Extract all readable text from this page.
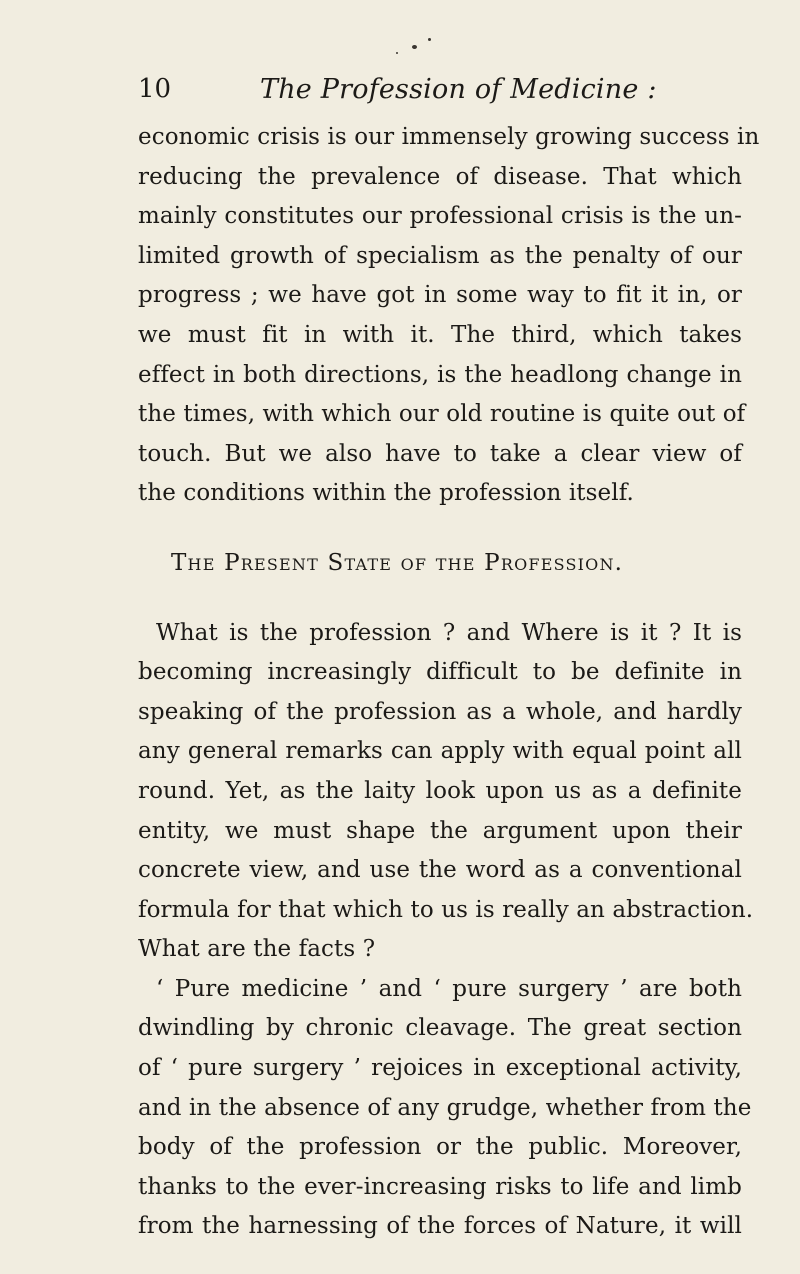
10	The Profession of Medicine :
economic crisis is our immensely growing success in
reducing the prevalence of disease. That which
mainly constitutes our professional crisis is the un-
limited growth of specialism as the penalty of our
progress ; we have got in some way to fit it in, or
we must fit in with it. The third, which takes
effect in both directions, is the headlong change in
the times, with which our old routine is quite out of
touch. But we also have to take a clear view of
the conditions within the profession itself.
The Present State of the Profession.
What is the profession ? and Where is it ? It is
becoming increasingly difficult to be definite in
speaking of the profession as a whole, and hardly
any general remarks can apply with equal point all
round. Yet, as the laity look upon us as a definite
entity, we must shape the argument upon their
concrete view, and use the word as a conventional
formula for that which to us is really an abstraction.
What are the facts ?
‘ Pure medicine ’ and ‘ pure surgery ’ are both
dwindling by chronic cleavage. The great section
of ‘ pure surgery ’ rejoices in exceptional activity,
and in the absence of any grudge, whether from the
body of the profession or the public. Moreover,
thanks to the ever-increasing risks to life and limb
from the harnessing of the forces of Nature, it will
